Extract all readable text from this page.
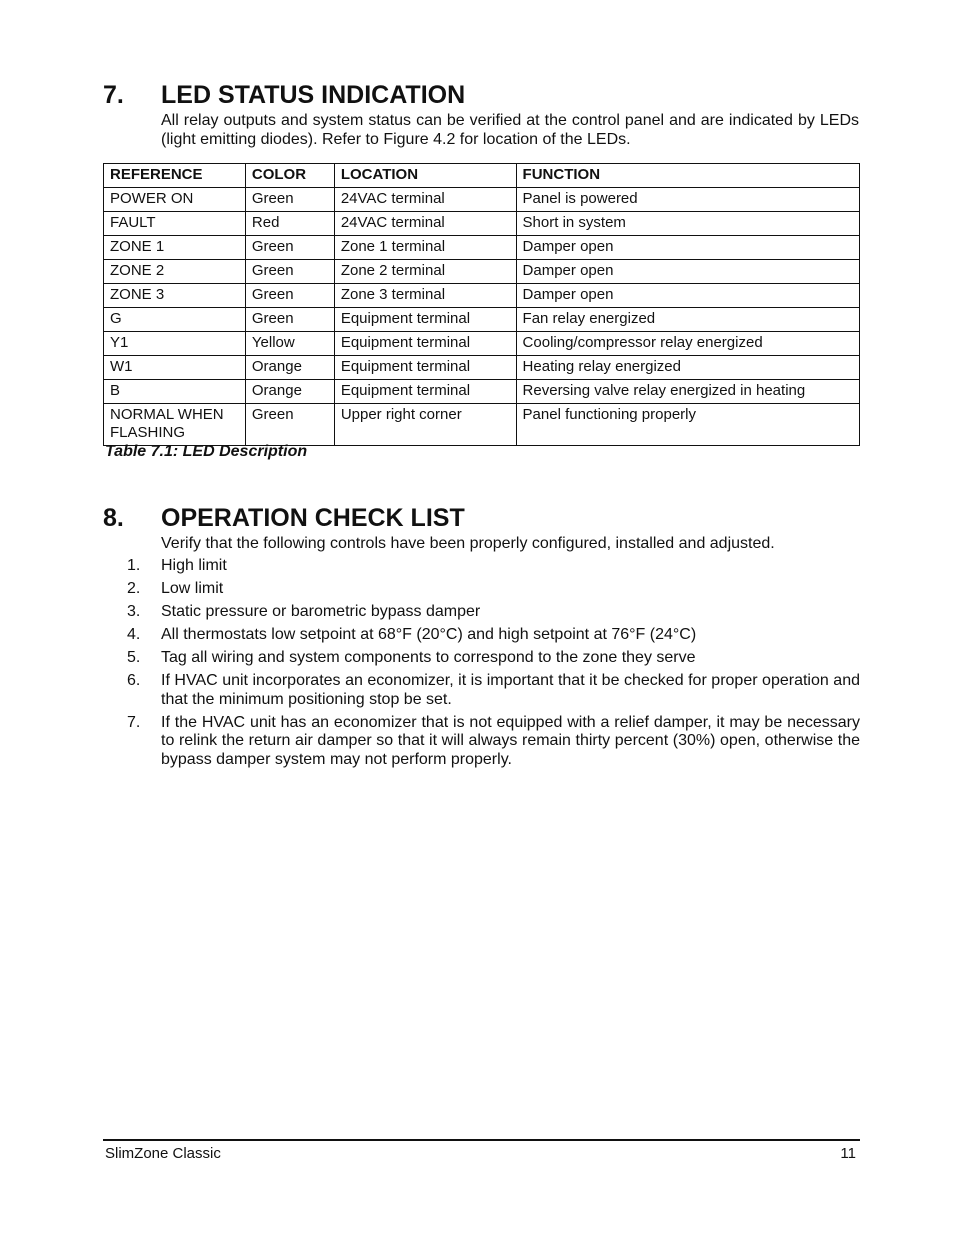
7. LED STATUS INDICATION
All relay outputs and system status can be verified at the control panel and are indicated by LEDs (light emitting diodes). Refer to Figure 4.2 for location of the LEDs.
REFERENCE	COLOR	LOCATION	FUNCTION
POWER ON	Green	24VAC terminal	Panel is powered
FAULT	Red	24VAC terminal	Short in system
ZONE 1	Green	Zone 1 terminal	Damper open
ZONE 2	Green	Zone 2 terminal	Damper open
ZONE 3	Green	Zone 3 terminal	Damper open
G	Green	Equipment terminal	Fan relay energized
Y1	Yellow	Equipment terminal	Cooling/compressor relay energized
W1	Orange	Equipment terminal	Heating relay energized
B	Orange	Equipment terminal	Reversing valve relay energized in heating
NORMAL WHEN FLASHING	Green	Upper right corner	Panel functioning properly
Table 7.1: LED Description
8. OPERATION CHECK LIST
Verify that the following controls have been properly configured, installed and adjusted.
1. High limit
2. Low limit
3. Static pressure or barometric bypass damper
4. All thermostats low setpoint at 68°F (20°C) and high setpoint at 76°F (24°C)
5. Tag all wiring and system components to correspond to the zone they serve
6. If HVAC unit incorporates an economizer, it is important that it be checked for proper operation and that the minimum positioning stop be set.
7. If the HVAC unit has an economizer that is not equipped with a relief damper, it may be necessary to relink the return air damper so that it will always remain thirty percent (30%) open, otherwise the bypass damper system may not perform properly.
SlimZone Classic	11
